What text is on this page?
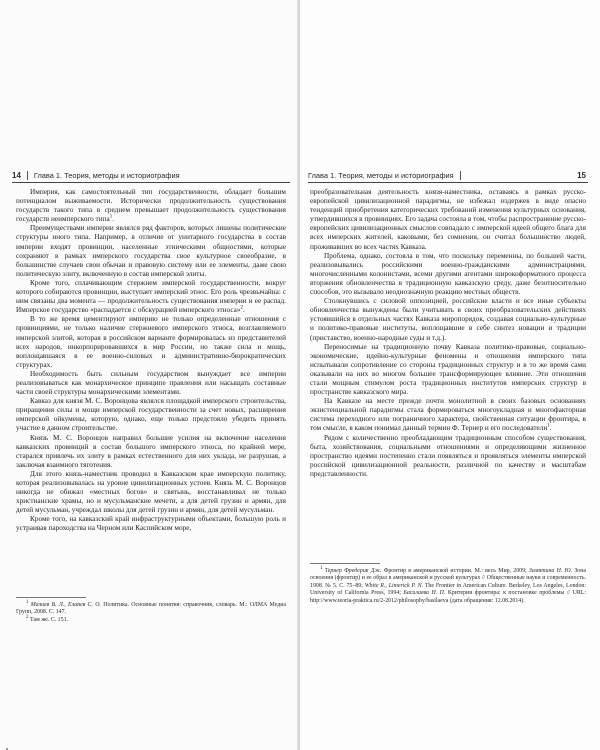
14 Глава 1. Теория, методы и историография

Империя, как самостоятельный тип государственности, обладает большим потенциалом выживаемости. Исторически продолжительность существования государств такого типа в среднем превышает продолжительность существования государств неимперского типа$^1$.

Преимуществами империи являлся ряд факторов, которых лишены политические структуры иного типа. Например, в отличие от унитарного государства в состав империи входят провинции, населенные этническими общностями, которые сохраняют в рамках имперского государства свое культурное своеобразие, в большинстве случаев свои обычаи и правовую систему или ее элементы, даже свою политическую элиту, включенную в состав имперской элиты.

Кроме того, сплачивающим стержнем имперской государственности, вокруг которого собираются провинции, выступает имперский этнос. Его роль чрезвычайна: с ним связаны два момента — продолжительность существования империи и ее распад. Имперское государство «распадается с обскурацией имперского этноса»$^2$.

В то же время цементируют империю не только определенные отношения с провинциями, не только наличие стержневого имперского этноса, возглавляемого имперской элитой, которая в российском варианте формировалась из представителей всех народов, инкорпорировавшихся в мир России, но также сила и мощь, воплощавшаяся в ее военно-силовых и административно-бюрократических структурах.

Необходимость быть сильным государством вынуждает все империи реализовываться как монархическое принципе правления или насыщать составные части своей структуры монархическими элементами.

Кавказ для князя М. С. Воронцова являлся площадкой имперского строительства, приращения силы и мощи имперской государственности за счет новых, расширения имперской ойкумены, которую, однако, еще только предстояло убедить принять участие в данном строительстве.

Князь М. С. Воронцов направил большие усилия на включение населения кавказских провинций в состав большого имперского этноса, по крайней мере, старался привлечь их элиту в рамках естественного для них уклада, не разрушая, а заключая взаимного тяготения.

Для этого князь-наместник проводил в Кавказском крае имперскую политику, которая реализовывалась на уровне цивилизационных устоев. Князь М. С. Воронцов никогда не обижал «местных богов» и святынь, восстанавливал не только христианские храмы, но и мусульманские мечети, а для детей грузин и армян, для детей мусульман, учреждал школы для детей грузин и армян, для детей мусульман.

Кроме того, на кавказский край инфраструктурными объектами, большую роль и устраивая пароходства на Черном или Каспийском море,

$^1$ Малиев В. Л., Еланев С. О. Политика. Основные понятия: справочник, словарь. М.: ОЛМА Медиа Групп, 2008. С. 147.

$^2$ Там же. С. 151.

Глава 1. Теория, методы и историография	15

преобразовательная деятельность князя-наместника, оставаясь в рамках русско-европейской цивилизационной парадигмы, не избежал издержек в виде опасно тенденций приобретения категорических требований изменения культурных основания, утвердившихся в провинциях. Его задача состояла в том, чтобы распространение русско-европейских цивилизационных смыслов совпадало с имперской идеей общего блага для всех имперских жителей, каковыми, без сомнения, он считал большинство людей, проживавших во всех частях Кавказа.

Проблема, однако, состояла в том, что поскольку переменны, по большей части, реализовывались российскими военно-гражданскими администрациями, многочисленными колонистами, всеми другими агентами широкоформатного процесса вторжения обновленчества в традиционную кавказскую среду, даже безотносительно способов, это вызывало неоднозначную реакцию местных обществ.

Столкнувшись с силовой оппозицией, российские власти и все иные субъекты обновленчества вынуждены были учитывать в своих преобразовательских действиях устоявшийся в отдельных частях Кавказа миропорядок, создавая социально-культурные и политико-правовые институты, воплощавшие в себе синтез новации и традиции (приставство, военно-народные суды и т.д.).

Переносимые на традиционную почву Кавказа политико-правовые, социально-экономические, идейно-культурные феномены и отношения имперского типа испытывали сопротивление со стороны традиционных структур и в то же время сами оказывали на них во многом большее трансформирующее влияние. Эти отношения стали мощным стимулом роста традиционных институтов имперских структур в пространстве кавказского мира.

На Кавказе на месте прежде почти монолитной в своих базовых основаниях экзистенциальной парадигмы стала формироваться многоукладная и многофакторная система переходного или пограничного характера, свойственная ситуации фронтира, в том смысле, в каком понимал данный термин Ф. Тернер и его последователи$^1$.

Рядом с количественно преобладающим традиционным способом существования, быта, хозяйствования, социальными отношениями и определяющими жизненное пространство идеями постепенно стали появляться и проявляться элементы имперской российской цивилизационной реальности, различной по качеству и масштабам представленности.

$^1$ Тернер Фредерик Дж. Фронтир в американской истории. М.: весь Мир, 2009; Замятина Н. Ю. Зона освоения (фронтир) и ее образ в американской и русской культурах // Общественные науки и современность. 1998. № 5. С. 75–89; White R., Limerick P. N. The Frontier in American Culture. Berkeley, Los Angeles, London: University of California Press, 1994; Басилаева Н. П. Критерии фронтира: к постановке проблемы // URL: http://www.teoria-praktica.ru/2-2012/philosophy/basilaeva (дата обращения: 12.08.2014).
